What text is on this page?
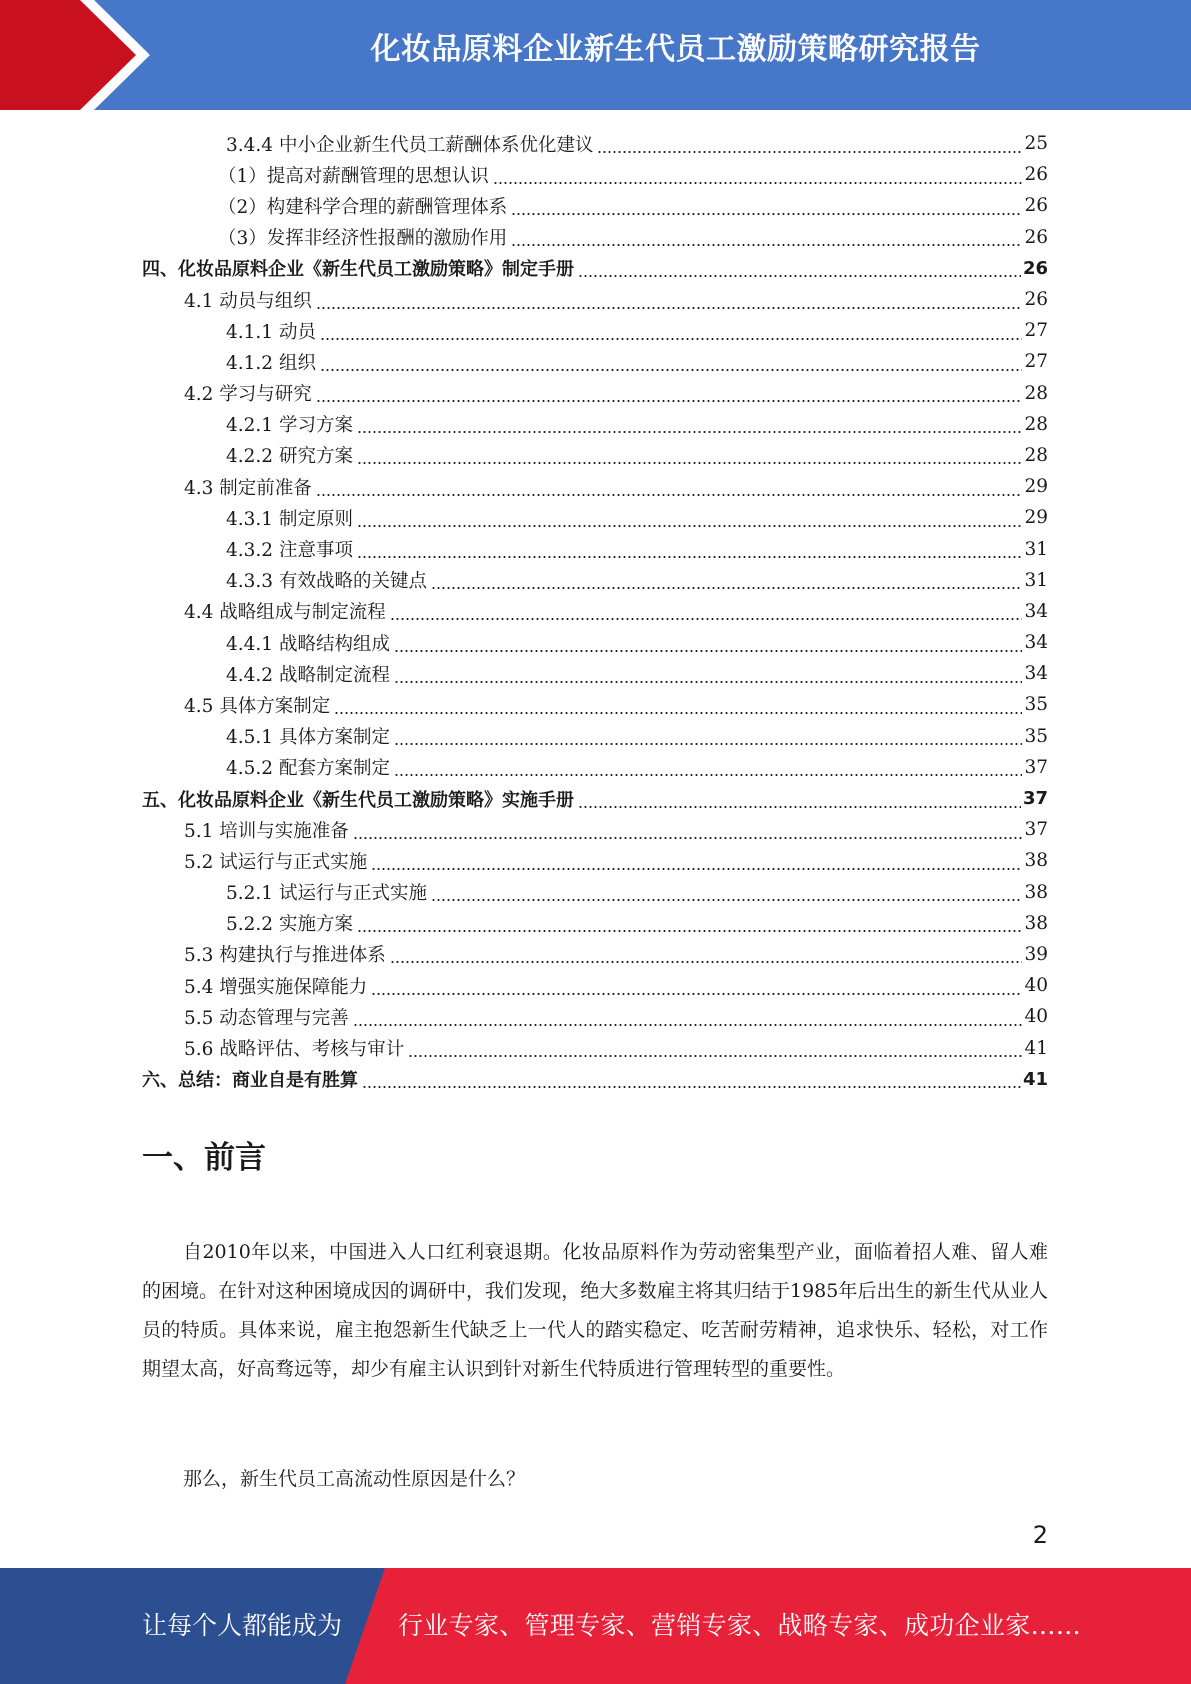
化妆品原料企业新生代员工激励策略研究报告
3.4.4 中小企业新生代员工薪酬体系优化建议	25
（1）提高对薪酬管理的思想认识	26
（2）构建科学合理的薪酬管理体系	26
（3）发挥非经济性报酬的激励作用	26
四、化妆品原料企业《新生代员工激励策略》制定手册	26
4.1 动员与组织	26
4.1.1 动员	27
4.1.2 组织	27
4.2 学习与研究	28
4.2.1 学习方案	28
4.2.2 研究方案	28
4.3 制定前准备	29
4.3.1 制定原则	29
4.3.2 注意事项	31
4.3.3 有效战略的关键点	31
4.4 战略组成与制定流程	34
4.4.1 战略结构组成	34
4.4.2 战略制定流程	34
4.5 具体方案制定	35
4.5.1 具体方案制定	35
4.5.2 配套方案制定	37
五、化妆品原料企业《新生代员工激励策略》实施手册	37
5.1 培训与实施准备	37
5.2 试运行与正式实施	38
5.2.1 试运行与正式实施	38
5.2.2 实施方案	38
5.3 构建执行与推进体系	39
5.4 增强实施保障能力	40
5.5 动态管理与完善	40
5.6 战略评估、考核与审计	41
六、总结：商业自是有胜算	41
一、前言

自2010年以来，中国进入人口红利衰退期。化妆品原料作为劳动密集型产业，面临着招人难、留人难的困境。在针对这种困境成因的调研中，我们发现，绝大多数雇主将其归结于1985年后出生的新生代从业人员的特质。具体来说，雇主抱怨新生代缺乏上一代人的踏实稳定、吃苦耐劳精神，追求快乐、轻松，对工作期望太高，好高骛远等，却少有雇主认识到针对新生代特质进行管理转型的重要性。

那么，新生代员工高流动性原因是什么？

2
让每个人都能成为 行业专家、管理专家、营销专家、战略专家、成功企业家……
